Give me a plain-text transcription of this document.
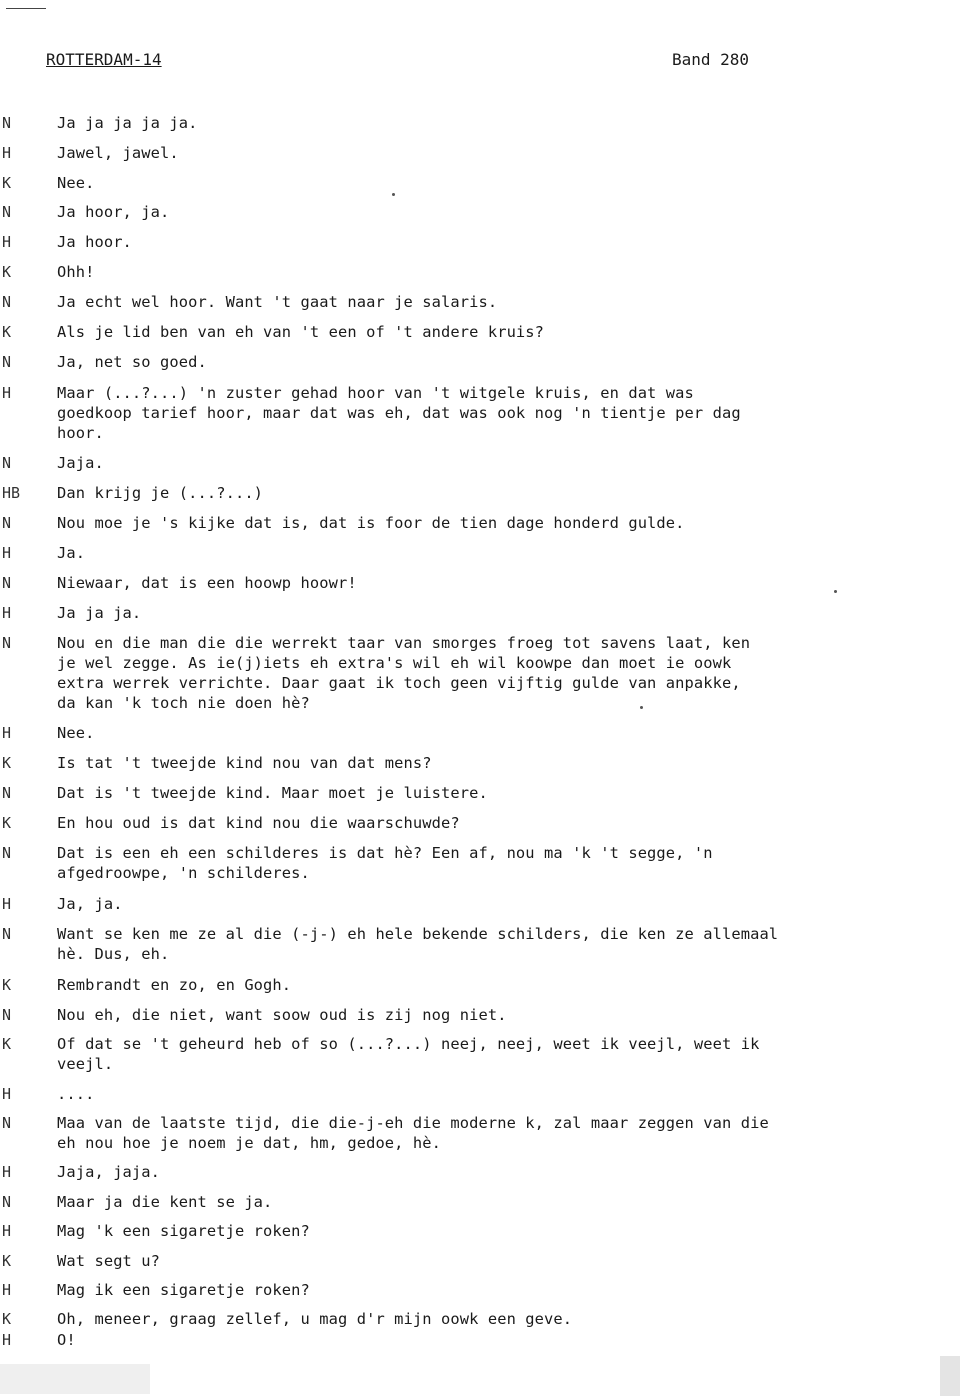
ROTTERDAM-14	Band 280
N	Ja ja ja ja ja.
H	Jawel, jawel.
K	Nee.
N	Ja hoor, ja.
H	Ja hoor.
K	Ohh!
N	Ja echt wel hoor. Want 't gaat naar je salaris.
K	Als je lid ben van eh van 't een of 't andere kruis?
N	Ja, net so goed.
H	Maar (...?...) 'n zuster gehad hoor van 't witgele kruis, en dat was
goedkoop tarief hoor, maar dat was eh, dat was ook nog 'n tientje per dag
hoor.
N	Jaja.
HB	Dan krijg je (...?...)
N	Nou moe je 's kijke dat is, dat is foor de tien dage honderd gulde.
H	Ja.
N	Niewaar, dat is een hoowp hoowr!
H	Ja ja ja.
N	Nou en die man die die werrekt taar van smorges froeg tot savens laat, ken
je wel zegge. As ie(j)iets eh extra's wil eh wil koowpe dan moet ie oowk
extra werrek verrichte. Daar gaat ik toch geen vijftig gulde van anpakke,
da kan 'k toch nie doen hè?
H	Nee.
K	Is tat 't tweejde kind nou van dat mens?
N	Dat is 't tweejde kind. Maar moet je luistere.
K	En hou oud is dat kind nou die waarschuwde?
N	Dat is een eh een schilderes is dat hè? Een af, nou ma 'k 't segge, 'n
afgedroowpe, 'n schilderes.
H	Ja, ja.
N	Want se ken me ze al die (-j-) eh hele bekende schilders, die ken ze allemaal
hè. Dus, eh.
K	Rembrandt en zo, en Gogh.
N	Nou eh, die niet, want soow oud is zij nog niet.
K	Of dat se 't geheurd heb of so (...?...) neej, neej, weet ik veejl, weet ik
veejl.
H	....
N	Maa van de laatste tijd, die die-j-eh die moderne k, zal maar zeggen van die
eh nou hoe je noem je dat, hm, gedoe, hè.
H	Jaja, jaja.
N	Maar ja die kent se ja.
H	Mag 'k een sigaretje roken?
K	Wat segt u?
H	Mag ik een sigaretje roken?
K	Oh, meneer, graag zellef, u mag d'r mijn oowk een geve.
H	O!
